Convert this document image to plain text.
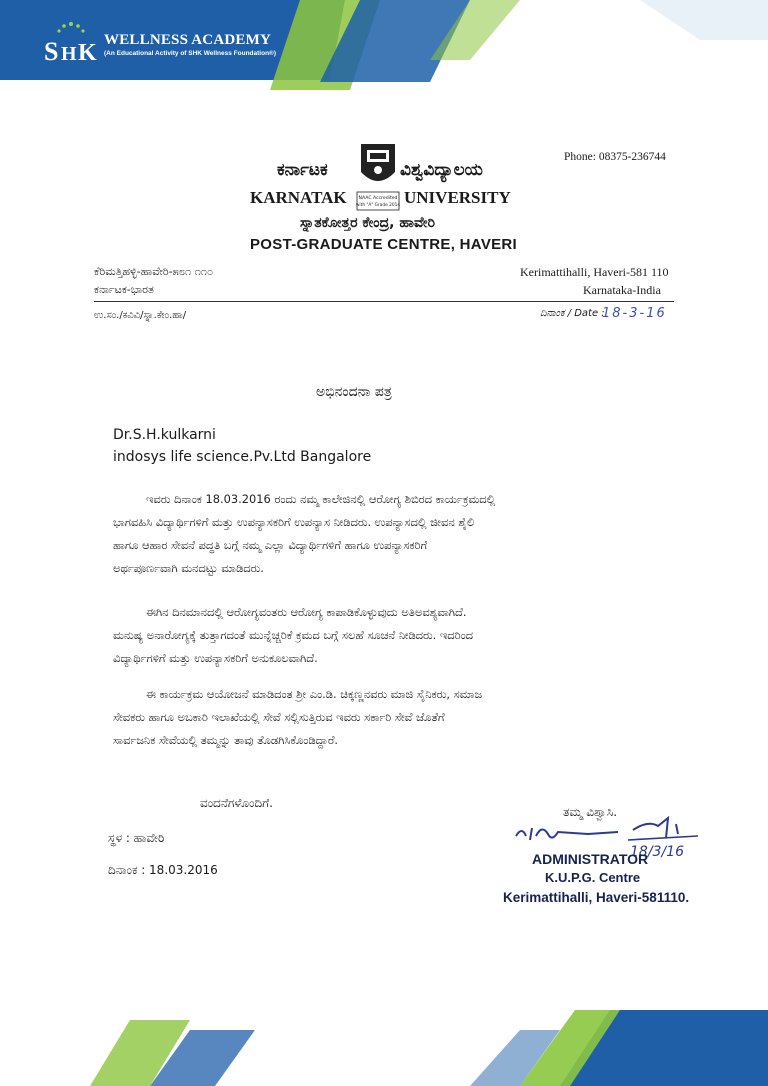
S H K WELLNESS ACADEMY
(An Educational Activity of SHK Wellness Foundation®)
Phone: 08375-236744
ಕರ್ನಾಟಕ	ವಿಶ್ವವಿದ್ಯಾಲಯ
KARNATAK	UNIVERSITY
NAAC Accredited
with "A" Grade 2014
ಸ್ನಾತಕೋತ್ತರ ಕೇಂದ್ರ, ಹಾವೇರಿ
POST-GRADUATE CENTRE, HAVERI
ಕೆರಿಮತ್ತಿಹಳ್ಳಿ-ಹಾವೇರಿ-೫೮೧ ೧೧೦
ಕರ್ನಾಟಕ-ಭಾರತ
Kerimattihalli, Haveri-581 110
Karnataka-India
ಉ.ಸಂ./ಕವಿವಿ/ಸ್ನಾ.ಕೇಂ.ಹಾ/	ದಿನಾಂಕ / Date :
18-3-16
ಅಭಿನಂದನಾ ಪತ್ರ
Dr.S.H.kulkarni
indosys life science.Pv.Ltd Bangalore
ಇವರು ದಿನಾಂಕ 18.03.2016 ರಂದು ನಮ್ಮ ಕಾಲೇಜಿನಲ್ಲಿ ಆರೋಗ್ಯ ಶಿಬಿರದ ಕಾರ್ಯಕ್ರಮದಲ್ಲಿ
ಭಾಗವಹಿಸಿ ವಿದ್ಯಾರ್ಥಿಗಳಿಗೆ ಮತ್ತು ಉಪನ್ಯಾಸಕರಿಗೆ ಉಪನ್ಯಾಸ ನೀಡಿದರು. ಉಪನ್ಯಾಸದಲ್ಲಿ ಜೀವನ ಶೈಲಿ
ಹಾಗೂ ಆಹಾರ ಸೇವನೆ ಪದ್ಧತಿ ಬಗ್ಗೆ ನಮ್ಮ ಎಲ್ಲಾ ವಿದ್ಯಾರ್ಥಿಗಳಿಗೆ ಹಾಗೂ ಉಪನ್ಯಾಸಕರಿಗೆ
ಅರ್ಥಪೂರ್ಣವಾಗಿ ಮನದಟ್ಟು ಮಾಡಿದರು.
ಈಗಿನ ದಿನಮಾನದಲ್ಲಿ ಆರೋಗ್ಯವಂತರು ಆರೋಗ್ಯ ಕಾಪಾಡಿಕೊಳ್ಳುವುದು ಅತಿಅವಶ್ಯವಾಗಿದೆ.
ಮನುಷ್ಯ ಅನಾರೋಗ್ಯಕ್ಕೆ ತುತ್ತಾಗದಂತೆ ಮುನ್ನೆಚ್ಚರಿಕೆ ಕ್ರಮದ ಬಗ್ಗೆ ಸಲಹೆ ಸೂಚನೆ ನೀಡಿದರು. ಇದರಿಂದ
ವಿದ್ಯಾರ್ಥಿಗಳಿಗೆ ಮತ್ತು ಉಪನ್ಯಾಸಕರಿಗೆ ಅನುಕೂಲವಾಗಿದೆ.
ಈ ಕಾರ್ಯಕ್ರಮ ಆಯೋಜನೆ ಮಾಡಿದಂತ ಶ್ರೀ ಎಂ.ಡಿ. ಚಿಕ್ಕಣ್ಣನವರು ಮಾಜಿ ಸೈನಿಕರು, ಸಮಾಜ
ಸೇವಕರು ಹಾಗೂ ಅಬಕಾರಿ ಇಲಾಖೆಯಲ್ಲಿ ಸೇವೆ ಸಲ್ಲಿಸುತ್ತಿರುವ ಇವರು ಸರ್ಕಾರಿ ಸೇವೆ ಜೊತೆಗೆ
ಸಾರ್ವಜನಿಕ ಸೇವೆಯಲ್ಲಿ ತಮ್ಮನ್ನು ತಾವು ತೊಡಗಿಸಿಕೊಂಡಿದ್ದಾರೆ.
ವಂದನೆಗಳೊಂದಿಗೆ.
ತಮ್ಮ ವಿಶ್ವಾಸಿ.
ಸ್ಥಳ : ಹಾವೇರಿ
ದಿನಾಂಕ : 18.03.2016
18/3/16
ADMINISTRATOR
K.U.P.G. Centre
Kerimattihalli, Haveri-581110.
